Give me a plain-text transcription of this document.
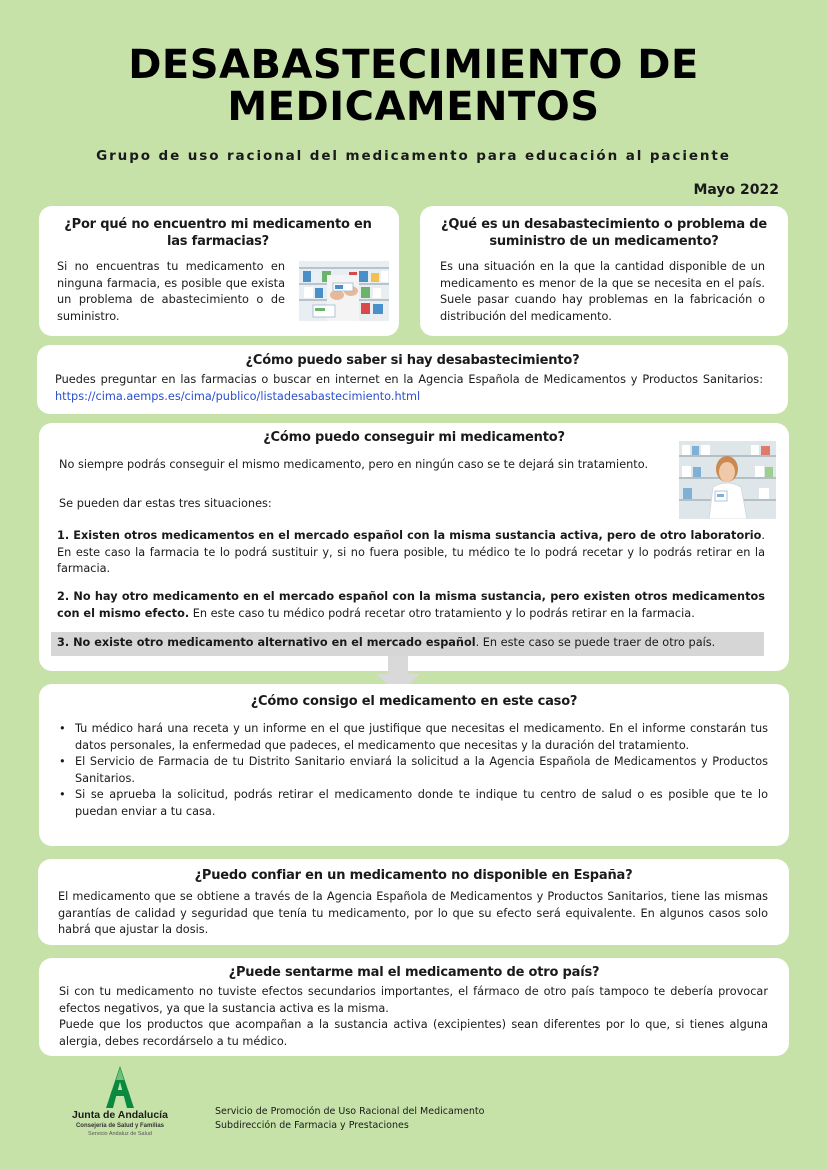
DESABASTECIMIENTO DE
MEDICAMENTOS
Grupo de uso racional del medicamento para educación al paciente
Mayo 2022
¿Por qué no encuentro mi medicamento en las farmacias?
Si no encuentras tu medicamento en ninguna farmacia, es posible que exista un problema de abastecimiento o de suministro.
¿Qué es un desabastecimiento o problema de suministro de un medicamento?
Es una situación en la que la cantidad disponible de un medicamento es menor de la que se necesita en el país. Suele pasar cuando hay problemas en la fabricación o distribución del medicamento.
¿Cómo puedo saber si hay desabastecimiento?
Puedes preguntar en las farmacias o buscar en internet en la Agencia Española de Medicamentos y Productos Sanitarios: https://cima.aemps.es/cima/publico/listadesabastecimiento.html
¿Cómo puedo conseguir mi medicamento?
No siempre podrás conseguir el mismo medicamento, pero en ningún caso se te dejará sin tratamiento.
Se pueden dar estas tres situaciones:
1. Existen otros medicamentos en el mercado español con la misma sustancia activa, pero de otro laboratorio. En este caso la farmacia te lo podrá sustituir y, si no fuera posible, tu médico te lo podrá recetar y lo podrás retirar en la farmacia.
2. No hay otro medicamento en el mercado español con la misma sustancia, pero existen otros medicamentos con el mismo efecto. En este caso tu médico podrá recetar otro tratamiento y lo podrás retirar en la farmacia.
3. No existe otro medicamento alternativo en el mercado español. En este caso se puede traer de otro país.
¿Cómo consigo el medicamento en este caso?
• Tu médico hará una receta y un informe en el que justifique que necesitas el medicamento. En el informe constarán tus datos personales, la enfermedad que padeces, el medicamento que necesitas y la duración del tratamiento.
• El Servicio de Farmacia de tu Distrito Sanitario enviará la solicitud a la Agencia Española de Medicamentos y Productos Sanitarios.
• Si se aprueba la solicitud, podrás retirar el medicamento donde te indique tu centro de salud o es posible que te lo puedan enviar a tu casa.
¿Puedo confiar en un medicamento no disponible en España?
El medicamento que se obtiene a través de la Agencia Española de Medicamentos y Productos Sanitarios, tiene las mismas garantías de calidad y seguridad que tenía tu medicamento, por lo que su efecto será equivalente. En algunos casos solo habrá que ajustar la dosis.
¿Puede sentarme mal el medicamento de otro país?
Si con tu medicamento no tuviste efectos secundarios importantes, el fármaco de otro país tampoco te debería provocar efectos negativos, ya que la sustancia activa es la misma.
Puede que los productos que acompañan a la sustancia activa (excipientes) sean diferentes por lo que, si tienes alguna alergia, debes recordárselo a tu médico.
Junta de Andalucía
Consejería de Salud y Familias
Servicio Andaluz de Salud
Servicio de Promoción de Uso Racional del Medicamento
Subdirección de Farmacia y Prestaciones
